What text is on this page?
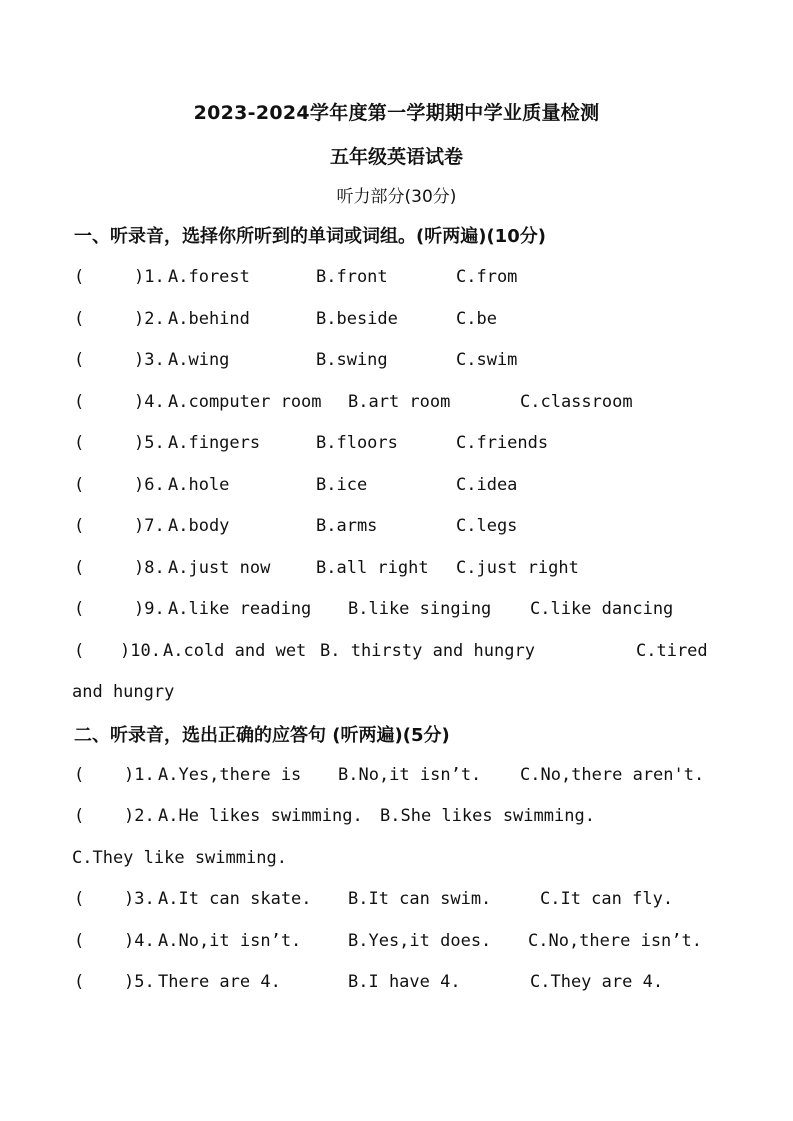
2023-2024学年度第一学期期中学业质量检测
五年级英语试卷
听力部分(30分)
一、听录音，选择你所听到的单词或词组。(听两遍)(10分)
(	)1. A.forest	B.front	C.from
(	)2. A.behind	B.beside	C.be
(	)3. A.wing	B.swing	C.swim
(	)4. A.computer room B.art room	C.classroom
(	)5. A.fingers	B.floors	C.friends
(	)6. A.hole	B.ice	C.idea
(	)7. A.body	B.arms	C.legs
(	)8. A.just now	B.all right C.just right
(	)9. A.like reading B.like singing C.like dancing
( )10. A.cold and wet B. thirsty and hungry	C.tired
and hungry
二、听录音，选出正确的应答句 (听两遍)(5分)
( )1. A.Yes,there is B.No,it isn’t. C.No,there aren't.
( )2. A.He likes swimming. B.She likes swimming.
C.They like swimming.
( )3. A.It can skate. B.It can swim.	C.It can fly.
( )4. A.No,it isn’t.	B.Yes,it does. C.No,there isn’t.
( )5. There are 4.	B.I have 4.	C.They are 4.
